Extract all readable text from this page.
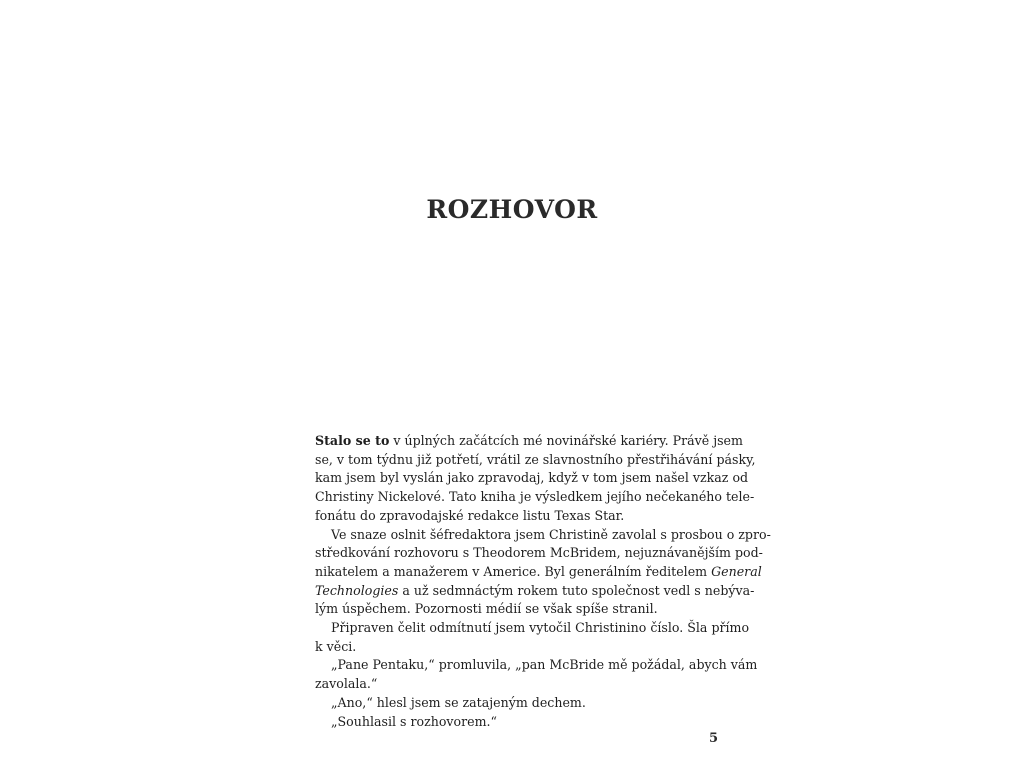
ROZHOVOR
Stalo se to v úplných začátcích mé novinářské kariéry. Právě jsem
se, v tom týdnu již potřetí, vrátil ze slavnostního přestřihávání pásky,
kam jsem byl vyslán jako zpravodaj, když v tom jsem našel vzkaz od
Christiny Nickelové. Tato kniha je výsledkem jejího nečekaného tele-
fonátu do zpravodajské redakce listu Texas Star.
Ve snaze oslnit šéfredaktora jsem Christině zavolal s prosbou o zpro-
středkování rozhovoru s Theodorem McBridem, nejuznávanějším pod-
nikatelem a manažerem v Americe. Byl generálním ředitelem General
Technologies a už sedmnáctým rokem tuto společnost vedl s nebýva-
lým úspěchem. Pozornosti médií se však spíše stranil.
Připraven čelit odmítnutí jsem vytočil Christinino číslo. Šla přímo
k věci.
„Pane Pentaku,“ promluvila, „pan McBride mě požádal, abych vám
zavolala.“
„Ano,“ hlesl jsem se zatajeným dechem.
„Souhlasil s rozhovorem.“
5
